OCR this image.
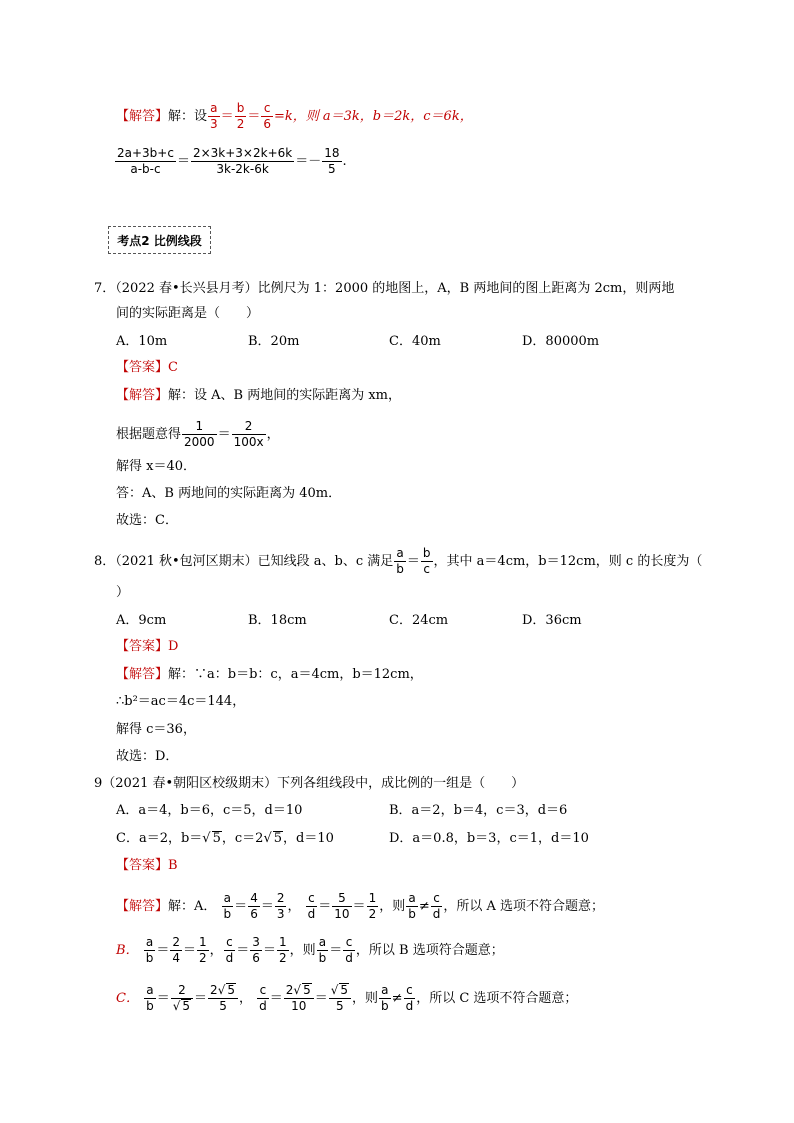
【解答】解：设 $\frac{a}{3} = \frac{b}{2} = \frac{c}{6} =k$，则 a＝3k，b＝2k，c＝6k，
$\frac{2a+3b+c}{a-b-c} = \frac{2\times 3k+3\times 2k+6k}{3k-2k-6k} =- \frac{18}{5}$ .
考点2 比例线段
7．（2022 春•长兴县月考）比例尺为 1：2000 的地图上，A，B 两地间的图上距离为 2cm，则两地
间的实际距离是（　　）
A．10m	B．20m	C．40m	D．80000m
【答案】C
【解答】解：设 A、B 两地间的实际距离为 xm，
根据题意得 $\frac{1}{2000} = \frac{2}{100x}$ ，
解得 x＝40．
答：A、B 两地间的实际距离为 40m．
故选：C．
8．（2021 秋•包河区期末）已知线段 a、b、c 满足 $\frac{a}{b} = \frac{b}{c}$ ，其中 a＝4cm，b＝12cm，则 c 的长度为（
）
A．9cm	B．18cm	C．24cm	D．36cm
【答案】D
【解答】解：∵a：b＝b：c，a＝4cm，b＝12cm，
∴b²＝ac＝4c＝144，
解得 c＝36，
故选：D．
9（2021 春•朝阳区校级期末）下列各组线段中，成比例的一组是（　　）
A．a＝4，b＝6，c＝5，d＝10	B．a＝2，b＝4，c＝3，d＝6
C．a＝2，b＝√ 5，c＝2√ 5，d＝10	D．a＝0.8，b＝3，c＝1，d＝10
【答案】B
【解答】解：A． $\frac{a}{b} = \frac{4}{6} = \frac{2}{3}$ ， $\frac{c}{d} = \frac{5}{10} = \frac{1}{2}$ ，则 $\frac{a}{b} \ne \frac{c}{d}$ ，所以 A 选项不符合题意；
B． $\frac{a}{b} = \frac{2}{4} = \frac{1}{2}$ ， $\frac{c}{d} = \frac{3}{6} = \frac{1}{2}$ ，则 $\frac{a}{b} = \frac{c}{d}$ ，所以 B 选项符合题意；
C． $\frac{a}{b} = \frac{2}{√ 5} = \frac{2√ 5}{5}$ ， $\frac{c}{d} = \frac{2√ 5}{10} = \frac{√ 5}{5}$ ，则 $\frac{a}{b} \ne \frac{c}{d}$ ，所以 C 选项不符合题意；
